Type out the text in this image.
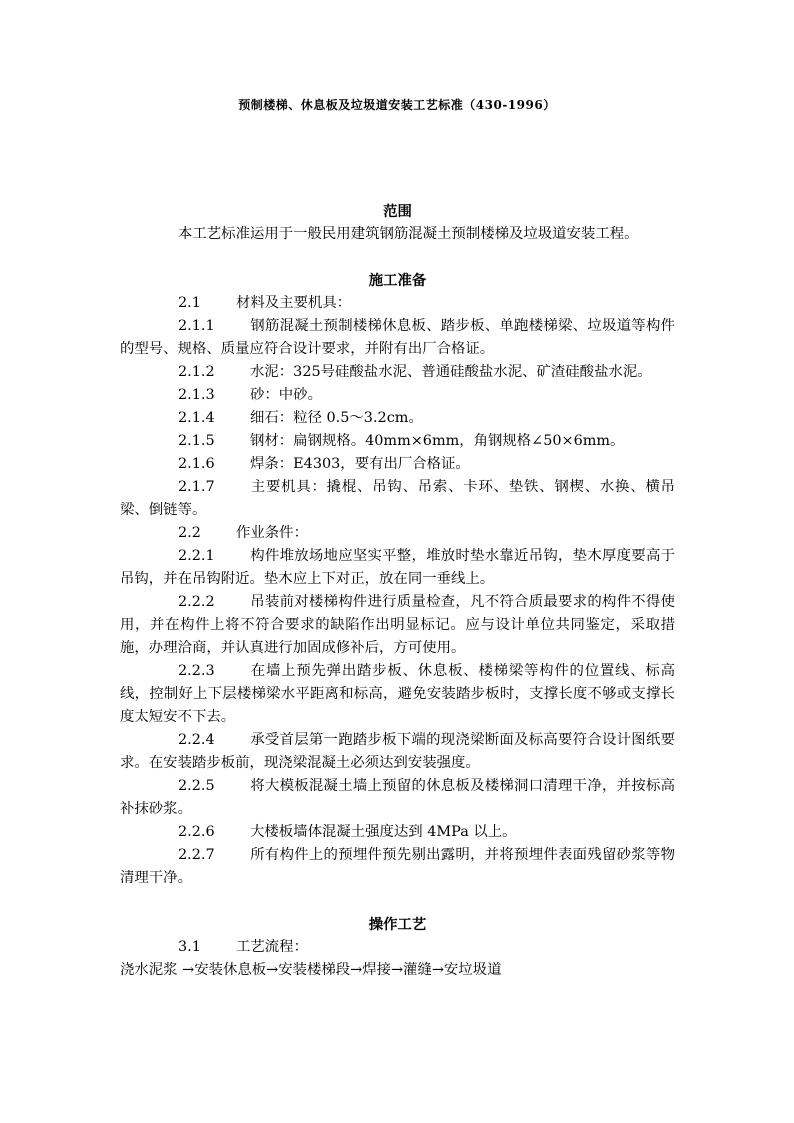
预制楼梯、休息板及垃圾道安装工艺标准（430-1996）

范围

本工艺标准运用于一般民用建筑钢筋混凝土预制楼梯及垃圾道安装工程。

施工准备

2.1 材料及主要机具：

2.1.1 钢筋混凝土预制楼梯休息板、踏步板、单跑楼梯梁、垃圾道等构件的型号、规格、质量应符合设计要求，并附有出厂合格证。

2.1.2 水泥：325号硅酸盐水泥、普通硅酸盐水泥、矿渣硅酸盐水泥。

2.1.3 砂：中砂。

2.1.4 细石：粒径 0.5～3.2cm。

2.1.5 钢材：扁钢规格。40mm×6mm，角钢规格∠50×6mm。

2.1.6 焊条：E4303，要有出厂合格证。

2.1.7 主要机具：撬棍、吊钩、吊索、卡环、垫铁、钢楔、水换、横吊梁、倒链等。

2.2 作业条件：

2.2.1 构件堆放场地应坚实平整，堆放时垫水靠近吊钩，垫木厚度要高于吊钩，并在吊钩附近。垫木应上下对正，放在同一垂线上。

2.2.2 吊装前对楼梯构件进行质量检查，凡不符合质最要求的构件不得使用，并在构件上将不符合要求的缺陷作出明显标记。应与设计单位共同鉴定，采取措施，办理洽商，并认真进行加固成修补后，方可使用。

2.2.3 在墙上预先弹出踏步板、休息板、楼梯梁等构件的位置线、标高线，控制好上下层楼梯梁水平距离和标高，避免安装踏步板时，支撑长度不够或支撑长度太短安不下去。

2.2.4 承受首层第一跑踏步板下端的现浇梁断面及标高要符合设计图纸要求。在安装踏步板前，现浇梁混凝土必须达到安装强度。

2.2.5 将大模板混凝土墙上预留的休息板及楼梯洞口清理干净，并按标高补抹砂浆。

2.2.6 大楼板墙体混凝土强度达到 4MPa 以上。

2.2.7 所有构件上的预埋件预先剔出露明，并将预埋件表面残留砂浆等物清理干净。

操作工艺

3.1 工艺流程：

浇水泥浆 →安装休息板→安装楼梯段→焊接→灌缝→安垃圾道
